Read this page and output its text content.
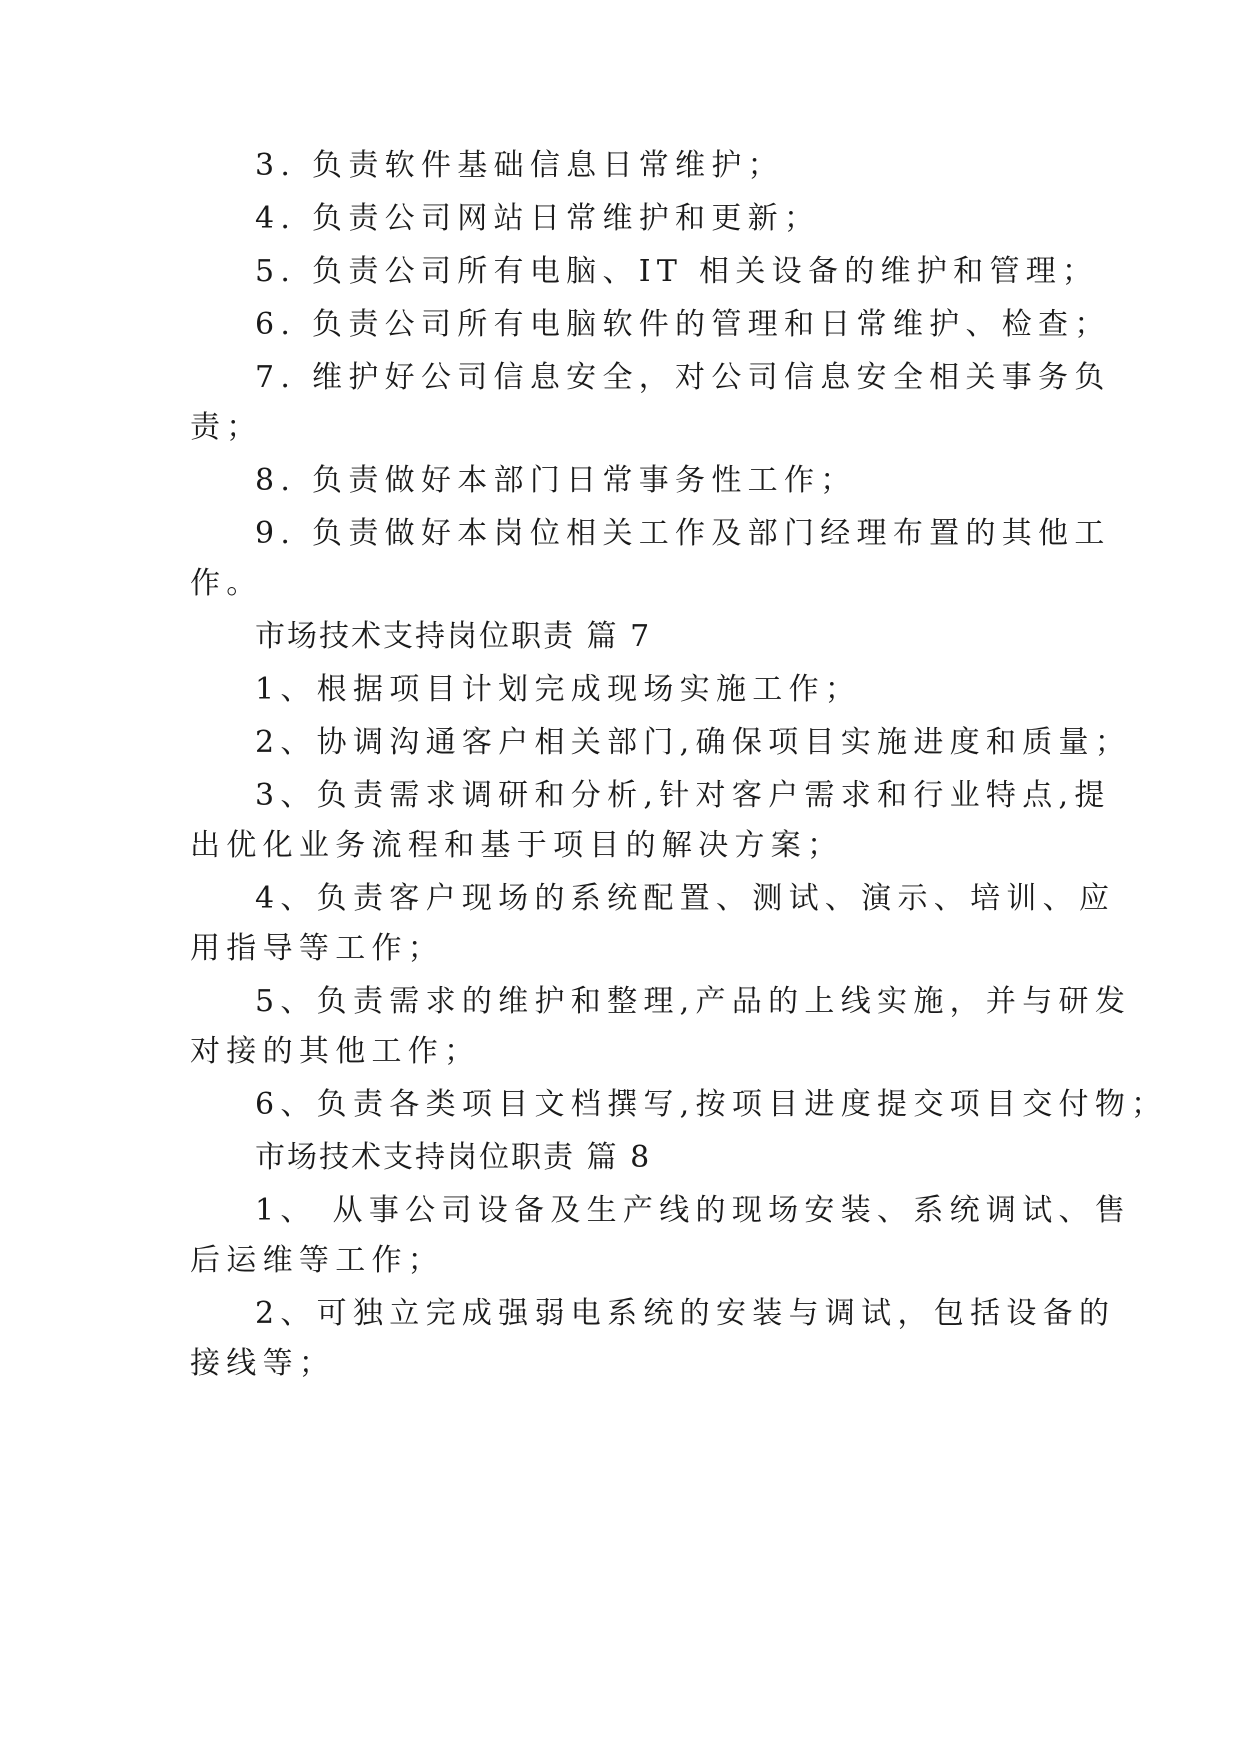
3. 负责软件基础信息日常维护；
4. 负责公司网站日常维护和更新；
5. 负责公司所有电脑、IT 相关设备的维护和管理；
6. 负责公司所有电脑软件的管理和日常维护、检查；
7. 维护好公司信息安全，对公司信息安全相关事务负
责；
8. 负责做好本部门日常事务性工作；
9. 负责做好本岗位相关工作及部门经理布置的其他工
作。
市场技术支持岗位职责 篇 7
1、根据项目计划完成现场实施工作；
2、协调沟通客户相关部门,确保项目实施进度和质量；
3、负责需求调研和分析,针对客户需求和行业特点,提
出优化业务流程和基于项目的解决方案；
4、负责客户现场的系统配置、测试、演示、培训、应
用指导等工作；
5、负责需求的维护和整理,产品的上线实施，并与研发
对接的其他工作；
6、负责各类项目文档撰写,按项目进度提交项目交付物；
市场技术支持岗位职责 篇 8
1、 从事公司设备及生产线的现场安装、系统调试、售
后运维等工作；
2、可独立完成强弱电系统的安装与调试，包括设备的
接线等；
